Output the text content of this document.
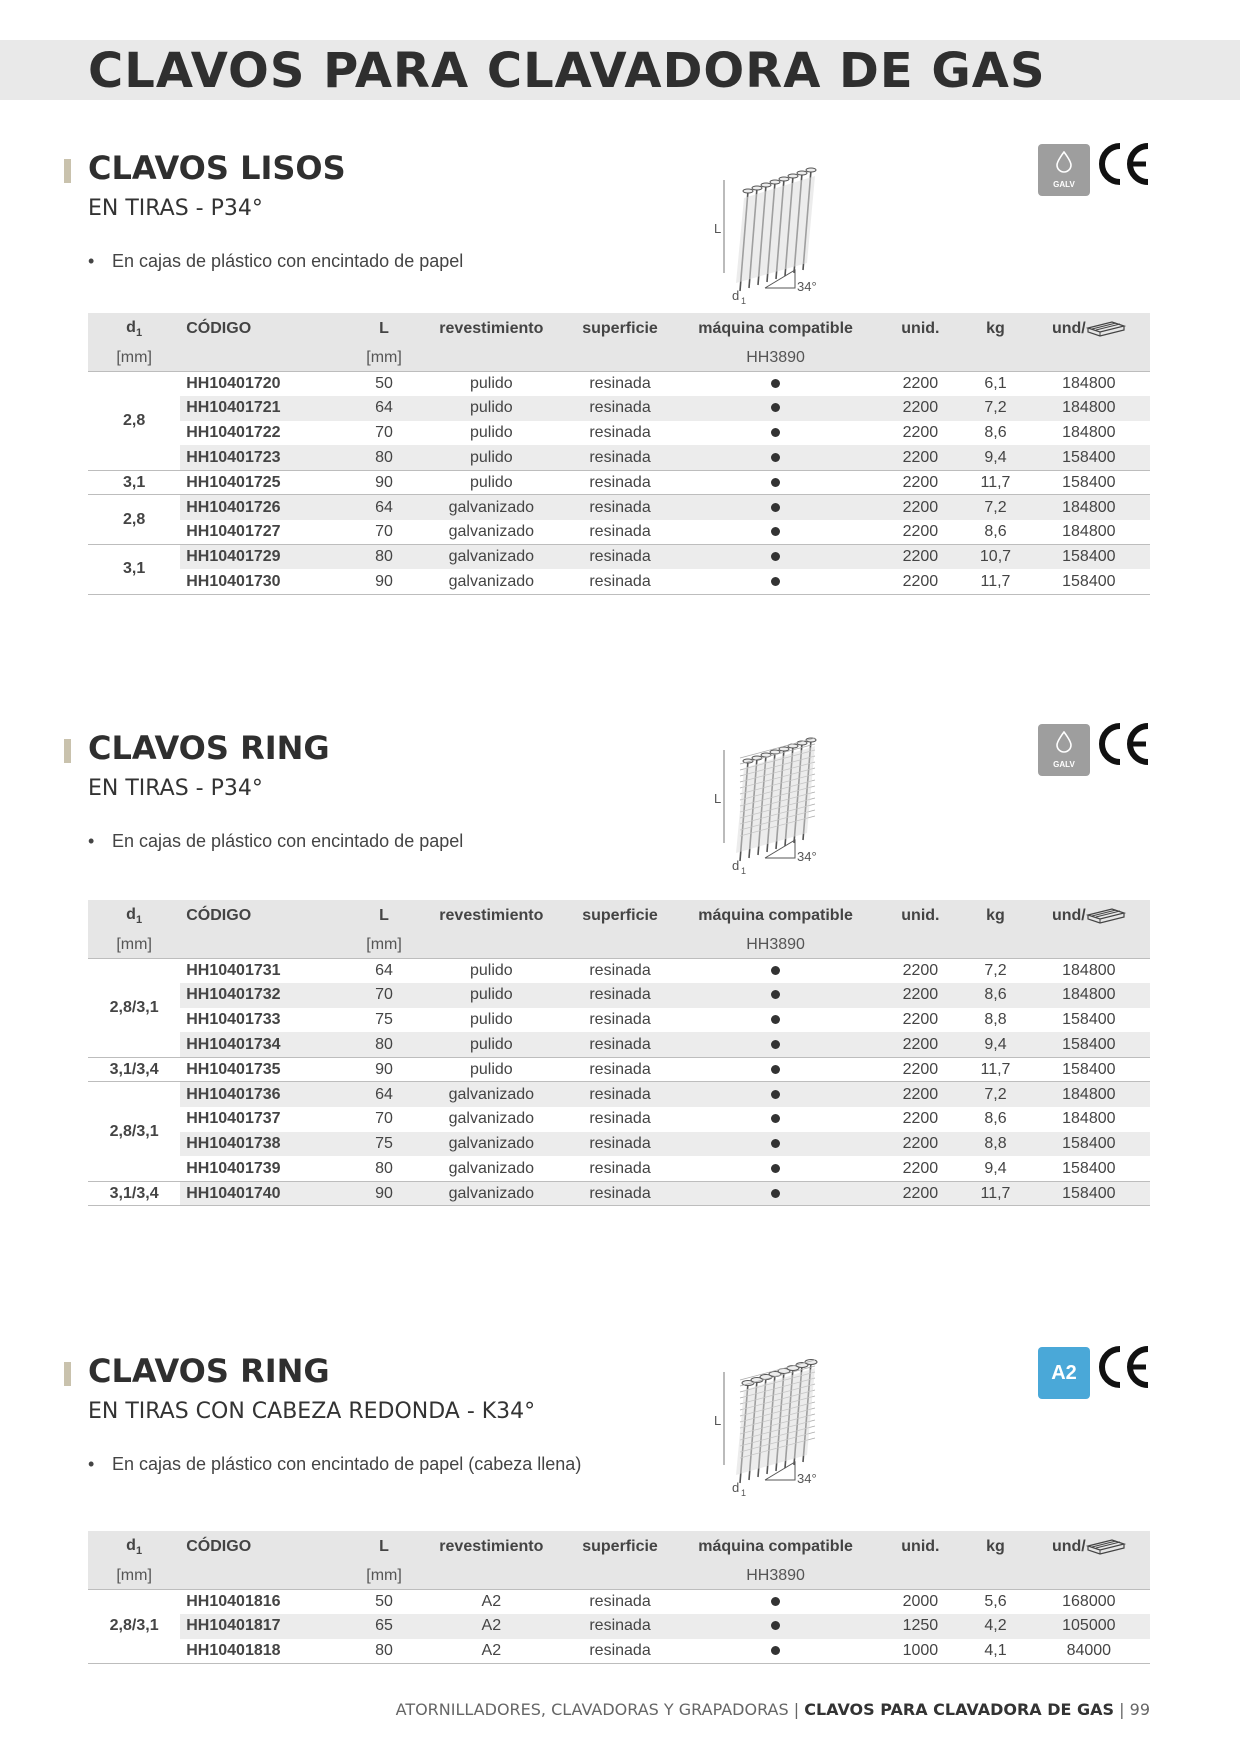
CLAVOS PARA CLAVADORA DE GAS
CLAVOS LISOS
EN TIRAS - P34°
• En cajas de plástico con encintado de papel
L
d 1
34°
GALV
$d_1$	CÓDIGO	L	revestimiento	superficie	máquina compatible	unid.	kg	und/
[mm]		[mm]			HH3890			
2,8	HH10401720	50	pulido	resinada		2200	6,1	184800
	HH10401721	64	pulido	resinada		2200	7,2	184800
	HH10401722	70	pulido	resinada		2200	8,6	184800
	HH10401723	80	pulido	resinada		2200	9,4	158400
3,1	HH10401725	90	pulido	resinada		2200	11,7	158400
2,8	HH10401726	64	galvanizado	resinada		2200	7,2	184800
	HH10401727	70	galvanizado	resinada		2200	8,6	184800
3,1	HH10401729	80	galvanizado	resinada		2200	10,7	158400
	HH10401730	90	galvanizado	resinada		2200	11,7	158400
CLAVOS RING
EN TIRAS - P34°
• En cajas de plástico con encintado de papel
L
d 1
34°
GALV
$d_1$	CÓDIGO	L	revestimiento	superficie	máquina compatible	unid.	kg	und/
[mm]		[mm]			HH3890			
2,8/3,1	HH10401731	64	pulido	resinada		2200	7,2	184800
	HH10401732	70	pulido	resinada		2200	8,6	184800
	HH10401733	75	pulido	resinada		2200	8,8	158400
	HH10401734	80	pulido	resinada		2200	9,4	158400
3,1/3,4	HH10401735	90	pulido	resinada		2200	11,7	158400
2,8/3,1	HH10401736	64	galvanizado	resinada		2200	7,2	184800
	HH10401737	70	galvanizado	resinada		2200	8,6	184800
	HH10401738	75	galvanizado	resinada		2200	8,8	158400
	HH10401739	80	galvanizado	resinada		2200	9,4	158400
3,1/3,4	HH10401740	90	galvanizado	resinada		2200	11,7	158400
CLAVOS RING
EN TIRAS CON CABEZA REDONDA - K34°
• En cajas de plástico con encintado de papel (cabeza llena)
L
d 1
34°
A2
$d_1$	CÓDIGO	L	revestimiento	superficie	máquina compatible	unid.	kg	und/
[mm]		[mm]			HH3890			
2,8/3,1	HH10401816	50	A2	resinada		2000	5,6	168000
	HH10401817	65	A2	resinada		1250	4,2	105000
	HH10401818	80	A2	resinada		1000	4,1	84000
ATORNILLADORES, CLAVADORAS Y GRAPADORAS | CLAVOS PARA CLAVADORA DE GAS | 99
